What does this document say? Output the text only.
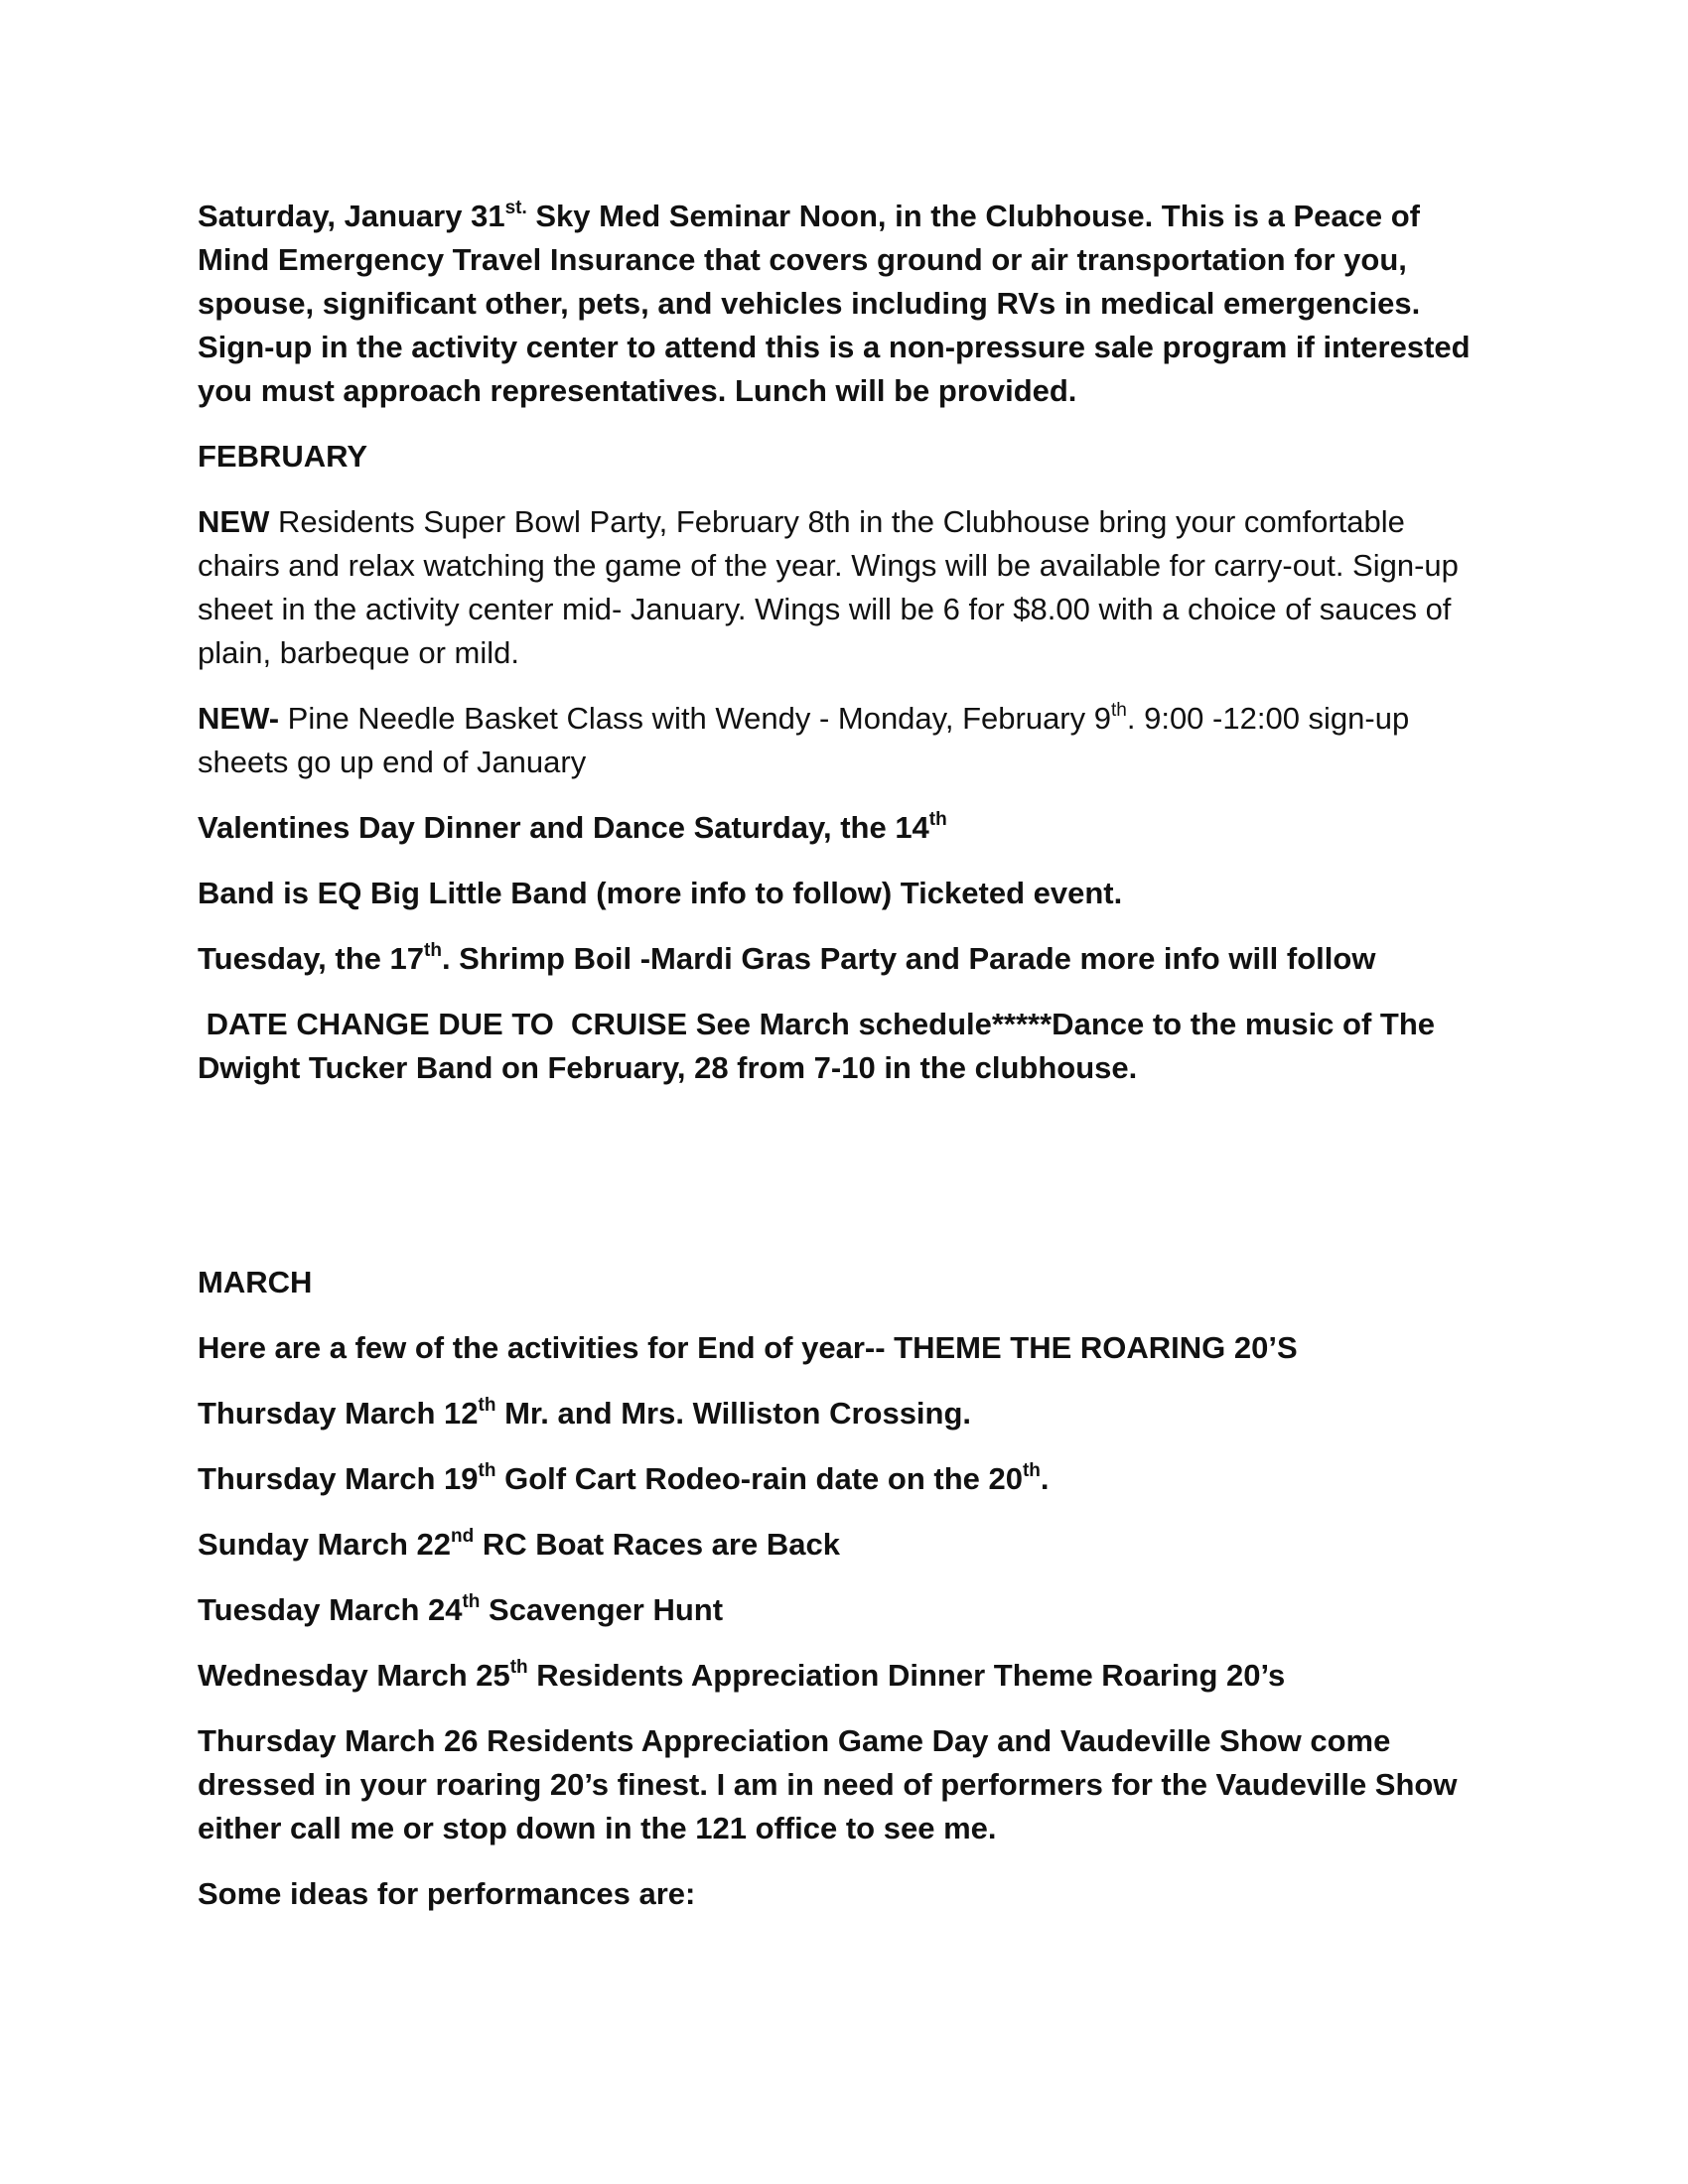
Saturday, January $31^{st.}$ Sky Med Seminar Noon, in the Clubhouse. This is a Peace of Mind Emergency Travel Insurance that covers ground or air transportation for you, spouse, significant other, pets, and vehicles including RVs in medical emergencies. Sign-up in the activity center to attend this is a non-pressure sale program if interested you must approach representatives. Lunch will be provided.

FEBRUARY

NEW Residents Super Bowl Party, February 8th in the Clubhouse bring your comfortable chairs and relax watching the game of the year. Wings will be available for carry-out. Sign-up sheet in the activity center mid- January. Wings will be 6 for $8.00 with a choice of sauces of plain, barbeque or mild.

NEW- Pine Needle Basket Class with Wendy - Monday, February 9th. 9:00 -12:00 sign-up sheets go up end of January

Valentines Day Dinner and Dance Saturday, the 14th

Band is EQ Big Little Band (more info to follow) Ticketed event.

Tuesday, the 17th. Shrimp Boil -Mardi Gras Party and Parade more info will follow

DATE CHANGE DUE TO  CRUISE See March schedule*****Dance to the music of The Dwight Tucker Band on February, 28 from 7-10 in the clubhouse.

MARCH

Here are a few of the activities for End of year-- THEME THE ROARING 20’S

Thursday March 12th Mr. and Mrs. Williston Crossing.

Thursday March 19th Golf Cart Rodeo-rain date on the 20th.

Sunday March 22nd RC Boat Races are Back

Tuesday March 24th Scavenger Hunt

Wednesday March 25th Residents Appreciation Dinner Theme Roaring 20’s

Thursday March 26 Residents Appreciation Game Day and Vaudeville Show come dressed in your roaring 20’s finest. I am in need of performers for the Vaudeville Show either call me or stop down in the 121 office to see me.

Some ideas for performances are:
